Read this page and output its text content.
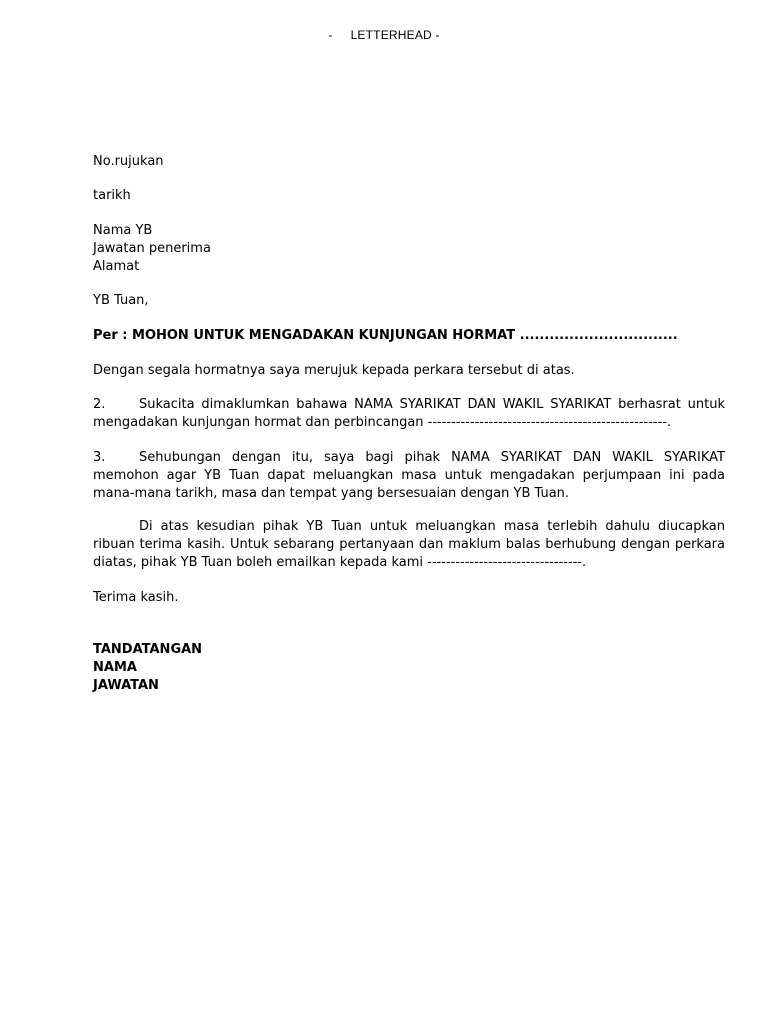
- LETTERHEAD -
No.rujukan
tarikh
Nama YB
Jawatan penerima
Alamat
YB Tuan,
Per : MOHON UNTUK MENGADAKAN KUNJUNGAN HORMAT ................................
Dengan segala hormatnya saya merujuk kepada perkara tersebut di atas.
2.	Sukacita dimaklumkan bahawa NAMA SYARIKAT DAN WAKIL SYARIKAT berhasrat untuk
mengadakan kunjungan hormat dan perbincangan ---------------------------------------------------.
3.	Sehubungan dengan itu, saya bagi pihak NAMA SYARIKAT DAN WAKIL SYARIKAT memohon agar YB Tuan dapat meluangkan masa untuk mengadakan perjumpaan ini pada mana-mana tarikh, masa dan tempat yang bersesuaian dengan YB Tuan.
Di atas kesudian pihak YB Tuan untuk meluangkan masa terlebih dahulu diucapkan ribuan terima kasih. Untuk sebarang pertanyaan dan maklum balas berhubung dengan perkara diatas, pihak YB Tuan boleh emailkan kepada kami ---------------------------------.
Terima kasih.
TANDATANGAN
NAMA
JAWATAN
